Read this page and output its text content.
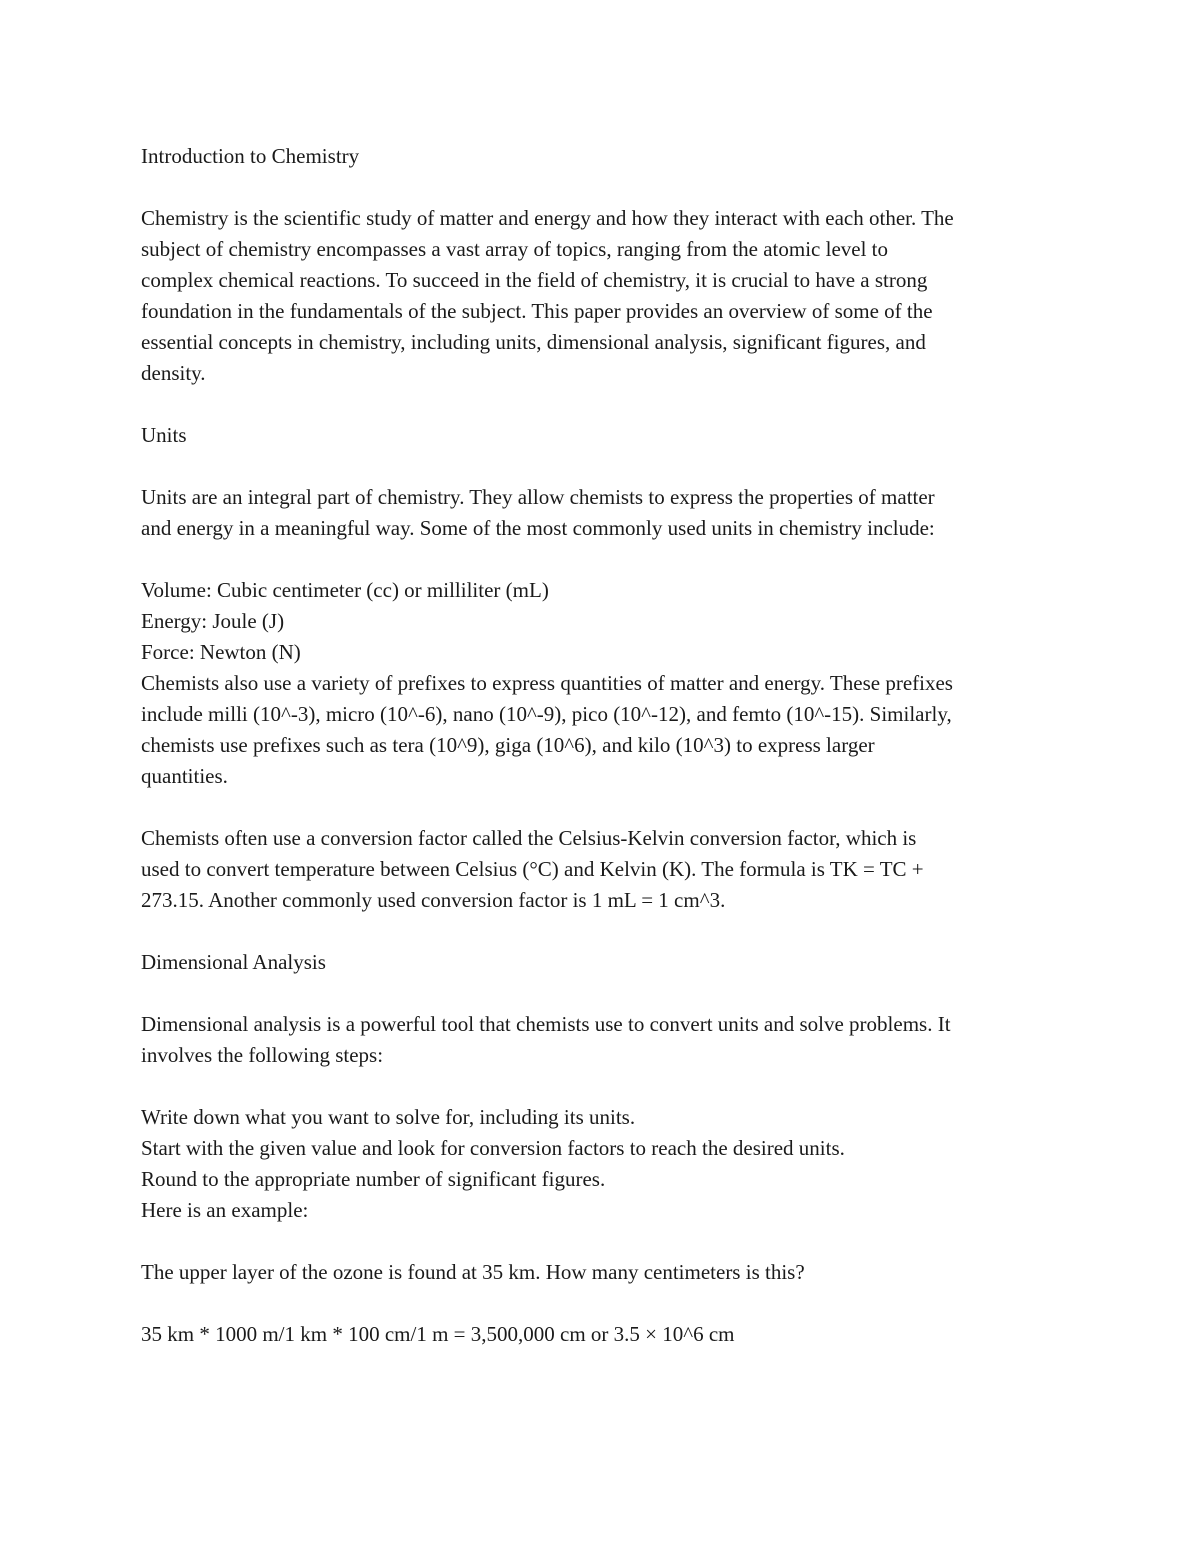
Introduction to Chemistry

Chemistry is the scientific study of matter and energy and how they interact with each other. The
subject of chemistry encompasses a vast array of topics, ranging from the atomic level to
complex chemical reactions. To succeed in the field of chemistry, it is crucial to have a strong
foundation in the fundamentals of the subject. This paper provides an overview of some of the
essential concepts in chemistry, including units, dimensional analysis, significant figures, and
density.

Units

Units are an integral part of chemistry. They allow chemists to express the properties of matter
and energy in a meaningful way. Some of the most commonly used units in chemistry include:

Volume: Cubic centimeter (cc) or milliliter (mL)

Energy: Joule (J)

Force: Newton (N)

Chemists also use a variety of prefixes to express quantities of matter and energy. These prefixes
include milli (10^-3), micro (10^-6), nano (10^-9), pico (10^-12), and femto (10^-15). Similarly,
chemists use prefixes such as tera (10^9), giga (10^6), and kilo (10^3) to express larger
quantities.

Chemists often use a conversion factor called the Celsius-Kelvin conversion factor, which is
used to convert temperature between Celsius (°C) and Kelvin (K). The formula is TK = TC +
273.15. Another commonly used conversion factor is 1 mL = 1 cm^3.

Dimensional Analysis

Dimensional analysis is a powerful tool that chemists use to convert units and solve problems. It
involves the following steps:

Write down what you want to solve for, including its units.

Start with the given value and look for conversion factors to reach the desired units.

Round to the appropriate number of significant figures.

Here is an example:

The upper layer of the ozone is found at 35 km. How many centimeters is this?

35 km * 1000 m/1 km * 100 cm/1 m = 3,500,000 cm or 3.5 × 10^6 cm
